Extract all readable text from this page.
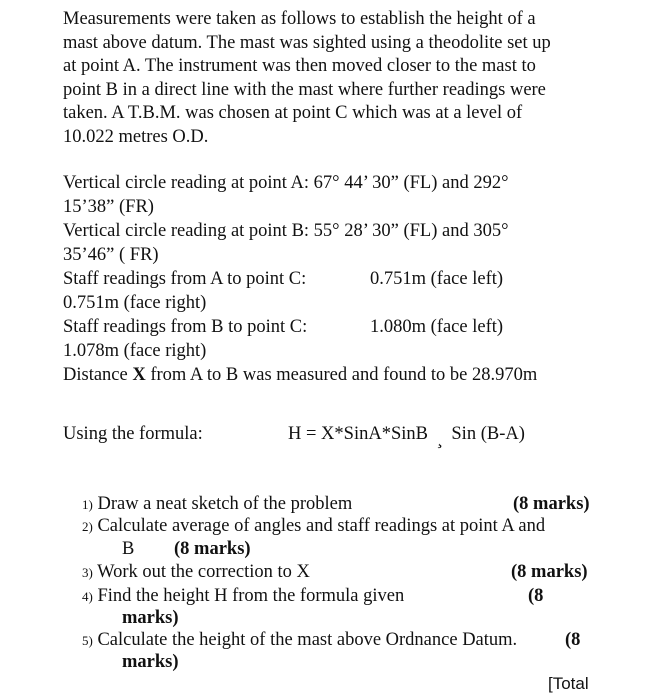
Measurements were taken as follows to establish the height of a
mast above datum. The mast was sighted using a theodolite set up
at point A. The instrument was then moved closer to the mast to
point B in a direct line with the mast where further readings were
taken. A T.B.M. was chosen at point C which was at a level of
10.022 metres O.D.
Vertical circle reading at point A: 67° 44’ 30” (FL) and 292°
15’38” (FR)
Vertical circle reading at point B: 55° 28’ 30” (FL) and 305°
35’46” ( FR)
Staff readings from A to point C:	0.751m (face left)
0.751m (face right)
Staff readings from B to point C:	1.080m (face left)
1.078m (face right)
Distance X from A to B was measured and found to be 28.970m
Using the formula:	H = X*SinA*SinB ¸ Sin (B-A)
1) Draw a neat sketch of the problem	(8 marks)
2) Calculate average of angles and staff readings at point A and
B (8 marks)
3) Work out the correction to X	(8 marks)
4) Find the height H from the formula given	(8
marks)
5) Calculate the height of the mast above Ordnance Datum.	(8
marks)
[Total
